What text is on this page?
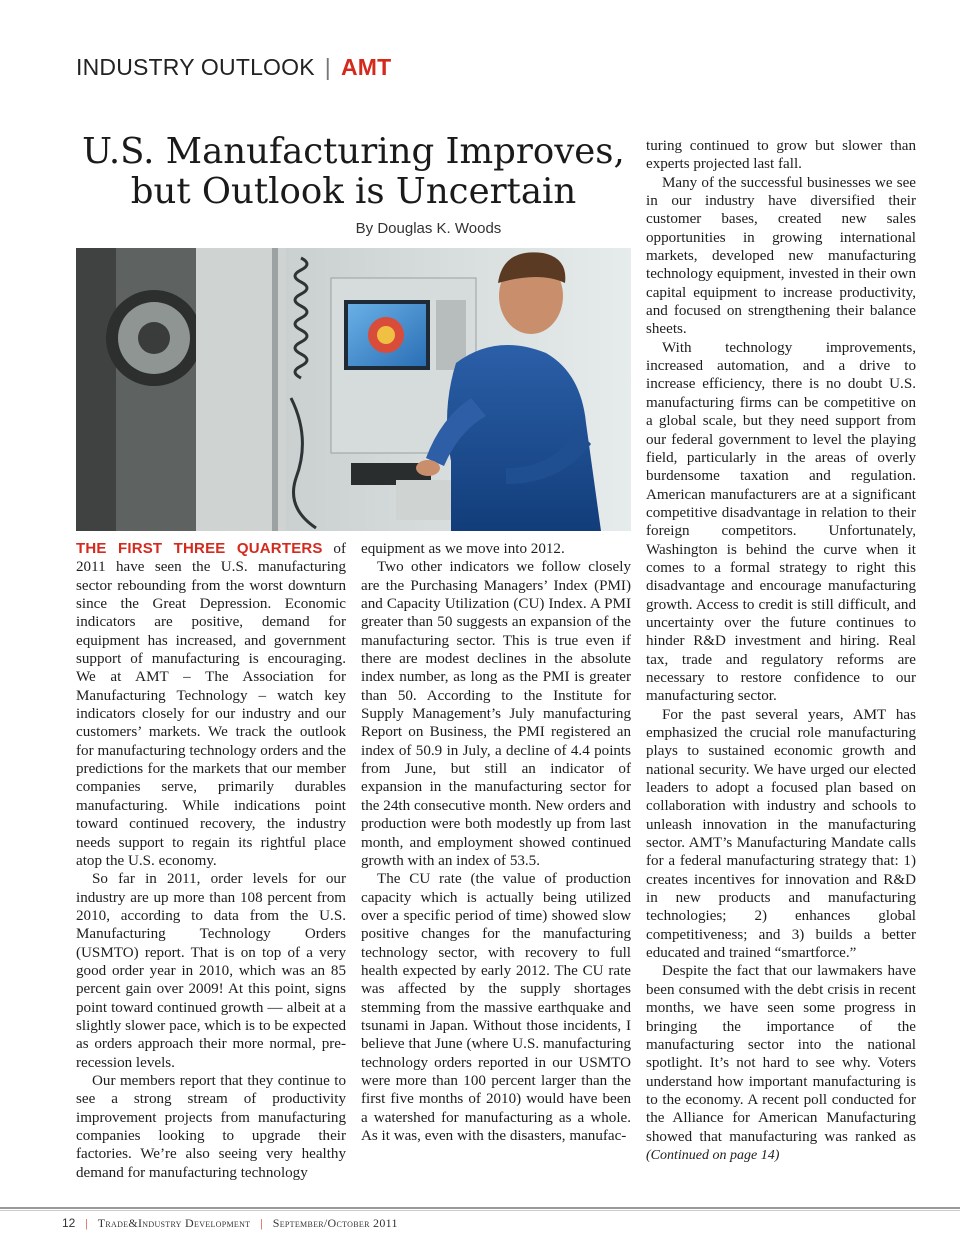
INDUSTRY OUTLOOK | AMT
U.S. Manufacturing Improves,
but Outlook is Uncertain
By Douglas K. Woods

THE FIRST THREE QUARTERS of 2011 have seen the U.S. manufacturing sector rebounding from the worst downturn since the Great Depression. Economic indicators are positive, demand for equipment has increased, and government support of manufacturing is encouraging. We at AMT – The Association for Manufacturing Technology – watch key indicators closely for our industry and our customers’ markets. We track the outlook for manufacturing technology orders and the predictions for the markets that our member companies serve, primarily durables manufacturing. While indications point toward continued recovery, the industry needs support to regain its rightful place atop the U.S. economy.

So far in 2011, order levels for our industry are up more than 108 percent from 2010, according to data from the U.S. Manufacturing Technology Orders (USMTO) report. That is on top of a very good order year in 2010, which was an 85 percent gain over 2009! At this point, signs point toward continued growth — albeit at a slightly slower pace, which is to be expected as orders approach their more normal, pre-recession levels.

Our members report that they continue to see a strong stream of productivity improvement projects from manufacturing companies looking to upgrade their factories. We’re also seeing very healthy demand for manufacturing technology

equipment as we move into 2012.

Two other indicators we follow closely are the Purchasing Managers’ Index (PMI) and Capacity Utilization (CU) Index. A PMI greater than 50 suggests an expansion of the manufacturing sector. This is true even if there are modest declines in the absolute index number, as long as the PMI is greater than 50. According to the Institute for Supply Management’s July manufacturing Report on Business, the PMI registered an index of 50.9 in July, a decline of 4.4 points from June, but still an indicator of expansion in the manufacturing sector for the 24th consecutive month. New orders and production were both modestly up from last month, and employment showed continued growth with an index of 53.5.

The CU rate (the value of production capacity which is actually being utilized over a specific period of time) showed slow positive changes for the manufacturing technology sector, with recovery to full health expected by early 2012. The CU rate was affected by the supply shortages stemming from the massive earthquake and tsunami in Japan. Without those incidents, I believe that June (where U.S. manufacturing technology orders reported in our USMTO were more than 100 percent larger than the first five months of 2010) would have been a watershed for manufacturing as a whole. As it was, even with the disasters, manufac-

turing continued to grow but slower than experts projected last fall.

Many of the successful businesses we see in our industry have diversified their customer bases, created new sales opportunities in growing international markets, developed new manufacturing technology equipment, invested in their own capital equipment to increase productivity, and focused on strengthening their balance sheets.

With technology improvements, increased automation, and a drive to increase efficiency, there is no doubt U.S. manufacturing firms can be competitive on a global scale, but they need support from our federal government to level the playing field, particularly in the areas of overly burdensome taxation and regulation. American manufacturers are at a significant competitive disadvantage in relation to their foreign competitors. Unfortunately, Washington is behind the curve when it comes to a formal strategy to right this disadvantage and encourage manufacturing growth. Access to credit is still difficult, and uncertainty over the future continues to hinder R&D investment and hiring. Real tax, trade and regulatory reforms are necessary to restore confidence to our manufacturing sector.

For the past several years, AMT has emphasized the crucial role manufacturing plays to sustained economic growth and national security. We have urged our elected leaders to adopt a focused plan based on collaboration with industry and schools to unleash innovation in the manufacturing sector. AMT’s Manufacturing Mandate calls for a federal manufacturing strategy that: 1) creates incentives for innovation and R&D in new products and manufacturing technologies; 2) enhances global competitiveness; and 3) builds a better educated and trained “smartforce.”

Despite the fact that our lawmakers have been consumed with the debt crisis in recent months, we have seen some progress in bringing the importance of the manufacturing sector into the national spotlight. It’s not hard to see why. Voters understand how important manufacturing is to the economy. A recent poll conducted for the Alliance for American Manufacturing showed that manufacturing was ranked as (Continued on page 14)

12 | Trade&Industry Development | September/October 2011
